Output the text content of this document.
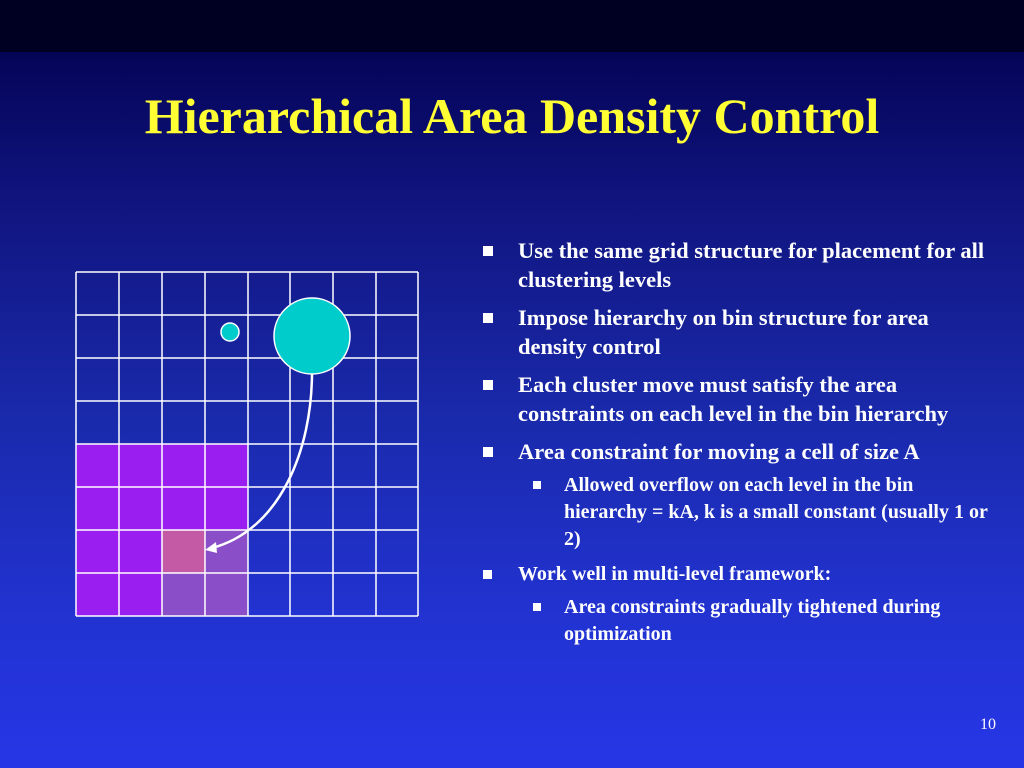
Hierarchical Area Density Control
Use the same grid structure for placement for all clustering levels
Impose hierarchy on bin structure for area density control
Each cluster move must satisfy the area constraints on each level in the bin hierarchy
Area constraint for moving a cell of size A
Allowed overflow on each level in the bin hierarchy = kA, k is a small constant (usually 1 or 2)
Work well in multi-level framework:
Area constraints gradually tightened during optimization
10
